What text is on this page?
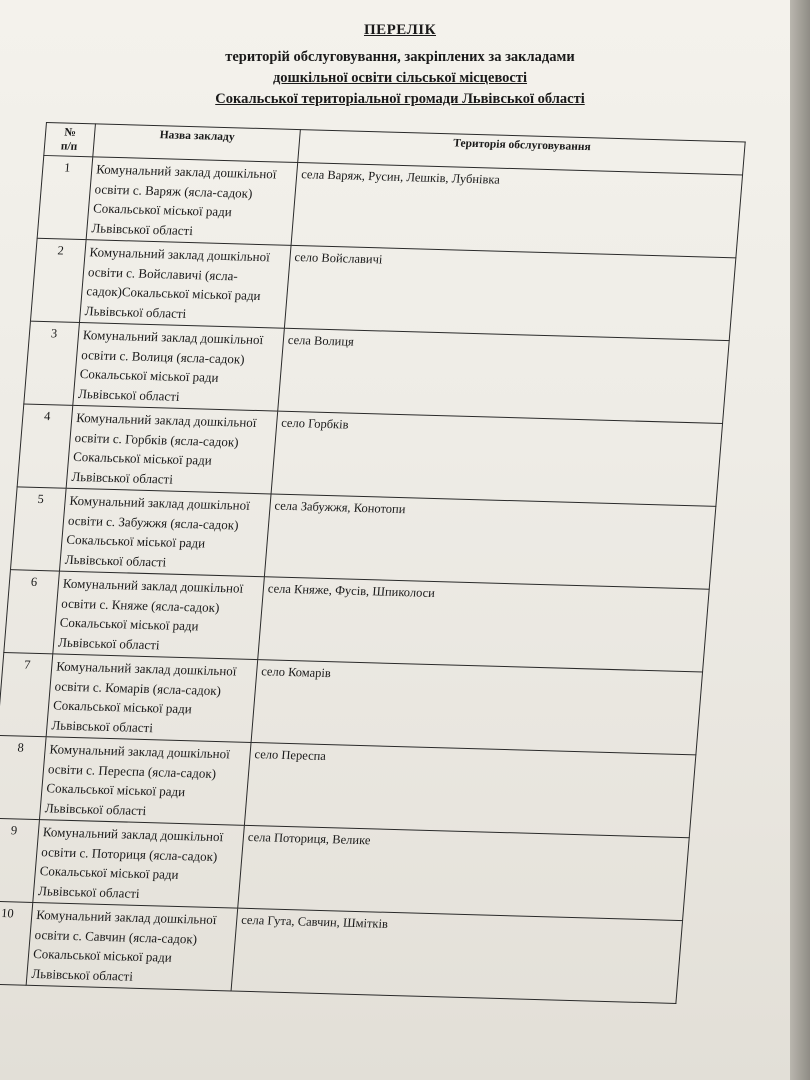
ПЕРЕЛІК
територій обслуговування, закріплених за закладами
дошкільної освіти сільської місцевості
Сокальської територіальної громади Львівської області
№
п/п	Назва закладу	Територія обслуговування
1	Комунальний заклад дошкільної
освіти с. Варяж (ясла-садок)
Сокальської міської ради
Львівської області	села Варяж, Русин, Лешків, Лубнівка
2	Комунальний заклад дошкільної
освіти с. Войславичі (ясла-
садок)Сокальської міської ради
Львівської області	село Войславичі
3	Комунальний заклад дошкільної
освіти с. Волиця (ясла-садок)
Сокальської міської ради
Львівської області	села Волиця
4	Комунальний заклад дошкільної
освіти с. Горбків (ясла-садок)
Сокальської міської ради
Львівської області	село Горбків
5	Комунальний заклад дошкільної
освіти с. Забужжя (ясла-садок)
Сокальської міської ради
Львівської області	села Забужжя, Конотопи
6	Комунальний заклад дошкільної
освіти с. Княже (ясла-садок)
Сокальської міської ради
Львівської області	села Княже, Фусів, Шпиколоси
7	Комунальний заклад дошкільної
освіти с. Комарів (ясла-садок)
Сокальської міської ради
Львівської області	село Комарів
8	Комунальний заклад дошкільної
освіти с. Переспа (ясла-садок)
Сокальської міської ради
Львівської області	село Переспа
9	Комунальний заклад дошкільної
освіти с. Поториця (ясла-садок)
Сокальської міської ради
Львівської області	села Поториця, Велике
10	Комунальний заклад дошкільної
освіти с. Савчин (ясла-садок)
Сокальської міської ради
Львівської області	села Гута, Савчин, Шмітків
